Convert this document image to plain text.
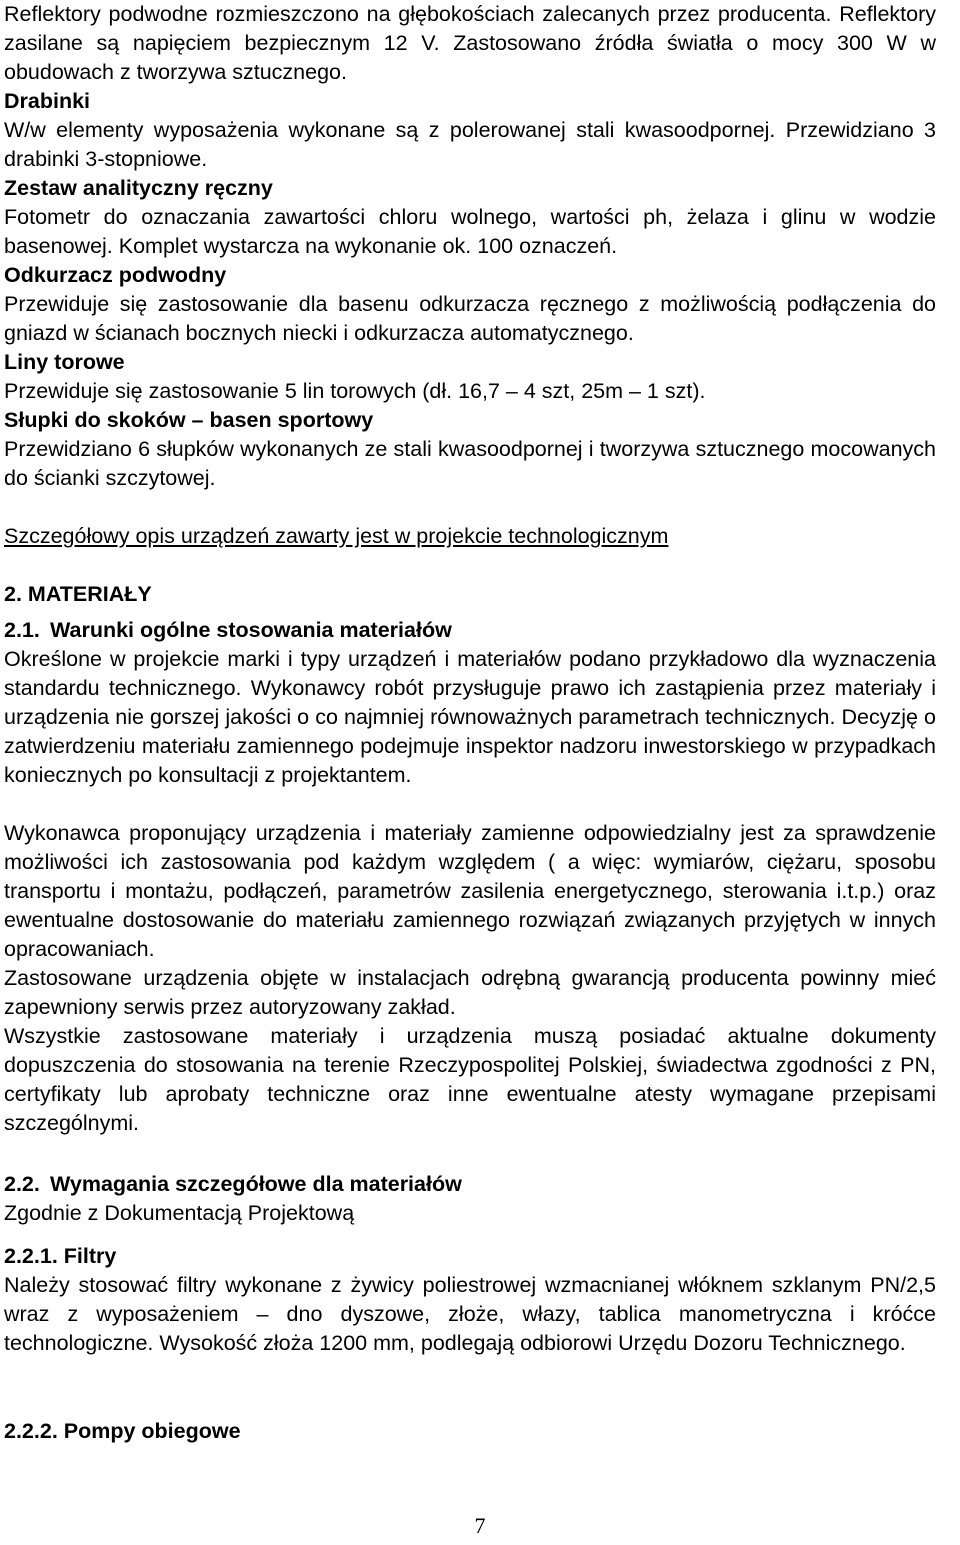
Reflektory podwodne rozmieszczono na głębokościach zalecanych przez producenta. Reflektory zasilane są napięciem bezpiecznym 12 V. Zastosowano źródła światła o mocy 300 W w obudowach z tworzywa sztucznego.

Drabinki

W/w elementy wyposażenia wykonane są z polerowanej stali kwasoodpornej. Przewidziano 3 drabinki 3-stopniowe.

Zestaw analityczny ręczny

Fotometr do oznaczania zawartości chloru wolnego, wartości ph, żelaza i glinu w wodzie basenowej. Komplet wystarcza na wykonanie ok. 100 oznaczeń.

Odkurzacz podwodny

Przewiduje się zastosowanie dla basenu odkurzacza ręcznego z możliwością podłączenia do gniazd w ścianach bocznych niecki i odkurzacza automatycznego.

Liny torowe

Przewiduje się zastosowanie 5 lin torowych (dł. 16,7 – 4 szt, 25m – 1 szt).

Słupki do skoków – basen sportowy

Przewidziano 6 słupków wykonanych ze stali kwasoodpornej i tworzywa sztucznego mocowanych do ścianki szczytowej.

Szczegółowy opis urządzeń zawarty jest w projekcie technologicznym

2. MATERIAŁY

2.1. Warunki ogólne stosowania materiałów

Określone w projekcie marki i typy urządzeń i materiałów podano przykładowo dla wyznaczenia standardu technicznego. Wykonawcy robót przysługuje prawo ich zastąpienia przez materiały i urządzenia nie gorszej jakości o co najmniej równoważnych parametrach technicznych. Decyzję o zatwierdzeniu materiału zamiennego podejmuje inspektor nadzoru inwestorskiego w przypadkach koniecznych po konsultacji z projektantem.

Wykonawca proponujący urządzenia i materiały zamienne odpowiedzialny jest za sprawdzenie możliwości ich zastosowania pod każdym względem ( a więc: wymiarów, ciężaru, sposobu transportu i montażu, podłączeń, parametrów zasilenia energetycznego, sterowania i.t.p.) oraz ewentualne dostosowanie do materiału zamiennego rozwiązań związanych przyjętych w innych opracowaniach.

Zastosowane urządzenia objęte w instalacjach odrębną gwarancją producenta powinny mieć zapewniony serwis przez autoryzowany zakład.

Wszystkie zastosowane materiały i urządzenia muszą posiadać aktualne dokumenty dopuszczenia do stosowania na terenie Rzeczypospolitej Polskiej, świadectwa zgodności z PN, certyfikaty lub aprobaty techniczne oraz inne ewentualne atesty wymagane przepisami szczególnymi.

2.2. Wymagania szczegółowe dla materiałów

Zgodnie z Dokumentacją Projektową

2.2.1. Filtry

Należy stosować filtry wykonane z żywicy poliestrowej wzmacnianej włóknem szklanym PN/2,5 wraz z wyposażeniem – dno dyszowe, złoże, włazy, tablica manometryczna i króćce technologiczne. Wysokość złoża 1200 mm, podlegają odbiorowi Urzędu Dozoru Technicznego.

2.2.2. Pompy obiegowe

7
